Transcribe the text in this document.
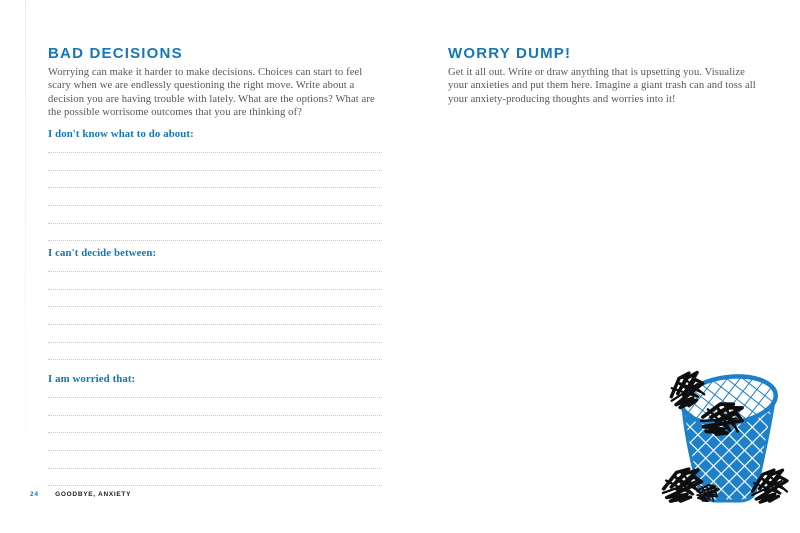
BAD DECISIONS

Worrying can make it harder to make decisions. Choices can start to feel scary when we are endlessly questioning the right move. Write about a decision you are having trouble with lately. What are the options? What are the possible worrisome outcomes that you are thinking of?

I don't know what to do about:
I can't decide between:
I am worried that:
WORRY DUMP!

Get it all out. Write or draw anything that is upsetting you. Visualize your anxieties and put them here. Imagine a giant trash can and toss all your anxiety-producing thoughts and worries into it!

24	GOODBYE, ANXIETY
